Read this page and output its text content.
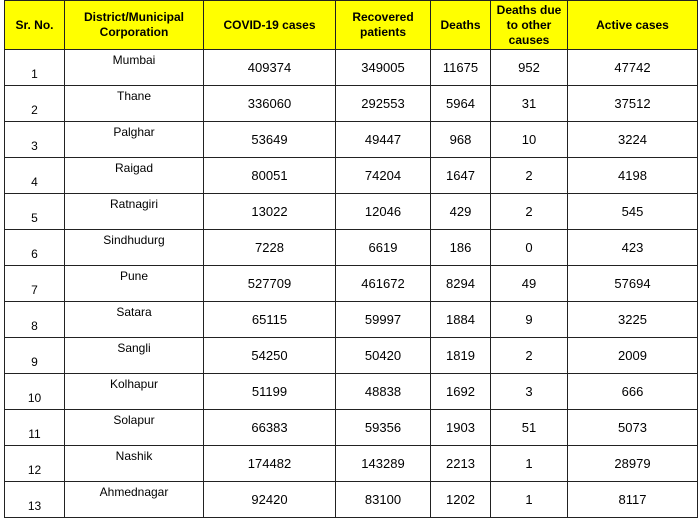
Sr. No.	District/Municipal Corporation	COVID-19 cases	Recovered patients	Deaths	Deaths due to other causes	Active cases
1	Mumbai	409374	349005	11675	952	47742
2	Thane	336060	292553	5964	31	37512
3	Palghar	53649	49447	968	10	3224
4	Raigad	80051	74204	1647	2	4198
5	Ratnagiri	13022	12046	429	2	545
6	Sindhudurg	7228	6619	186	0	423
7	Pune	527709	461672	8294	49	57694
8	Satara	65115	59997	1884	9	3225
9	Sangli	54250	50420	1819	2	2009
10	Kolhapur	51199	48838	1692	3	666
11	Solapur	66383	59356	1903	51	5073
12	Nashik	174482	143289	2213	1	28979
13	Ahmednagar	92420	83100	1202	1	8117
